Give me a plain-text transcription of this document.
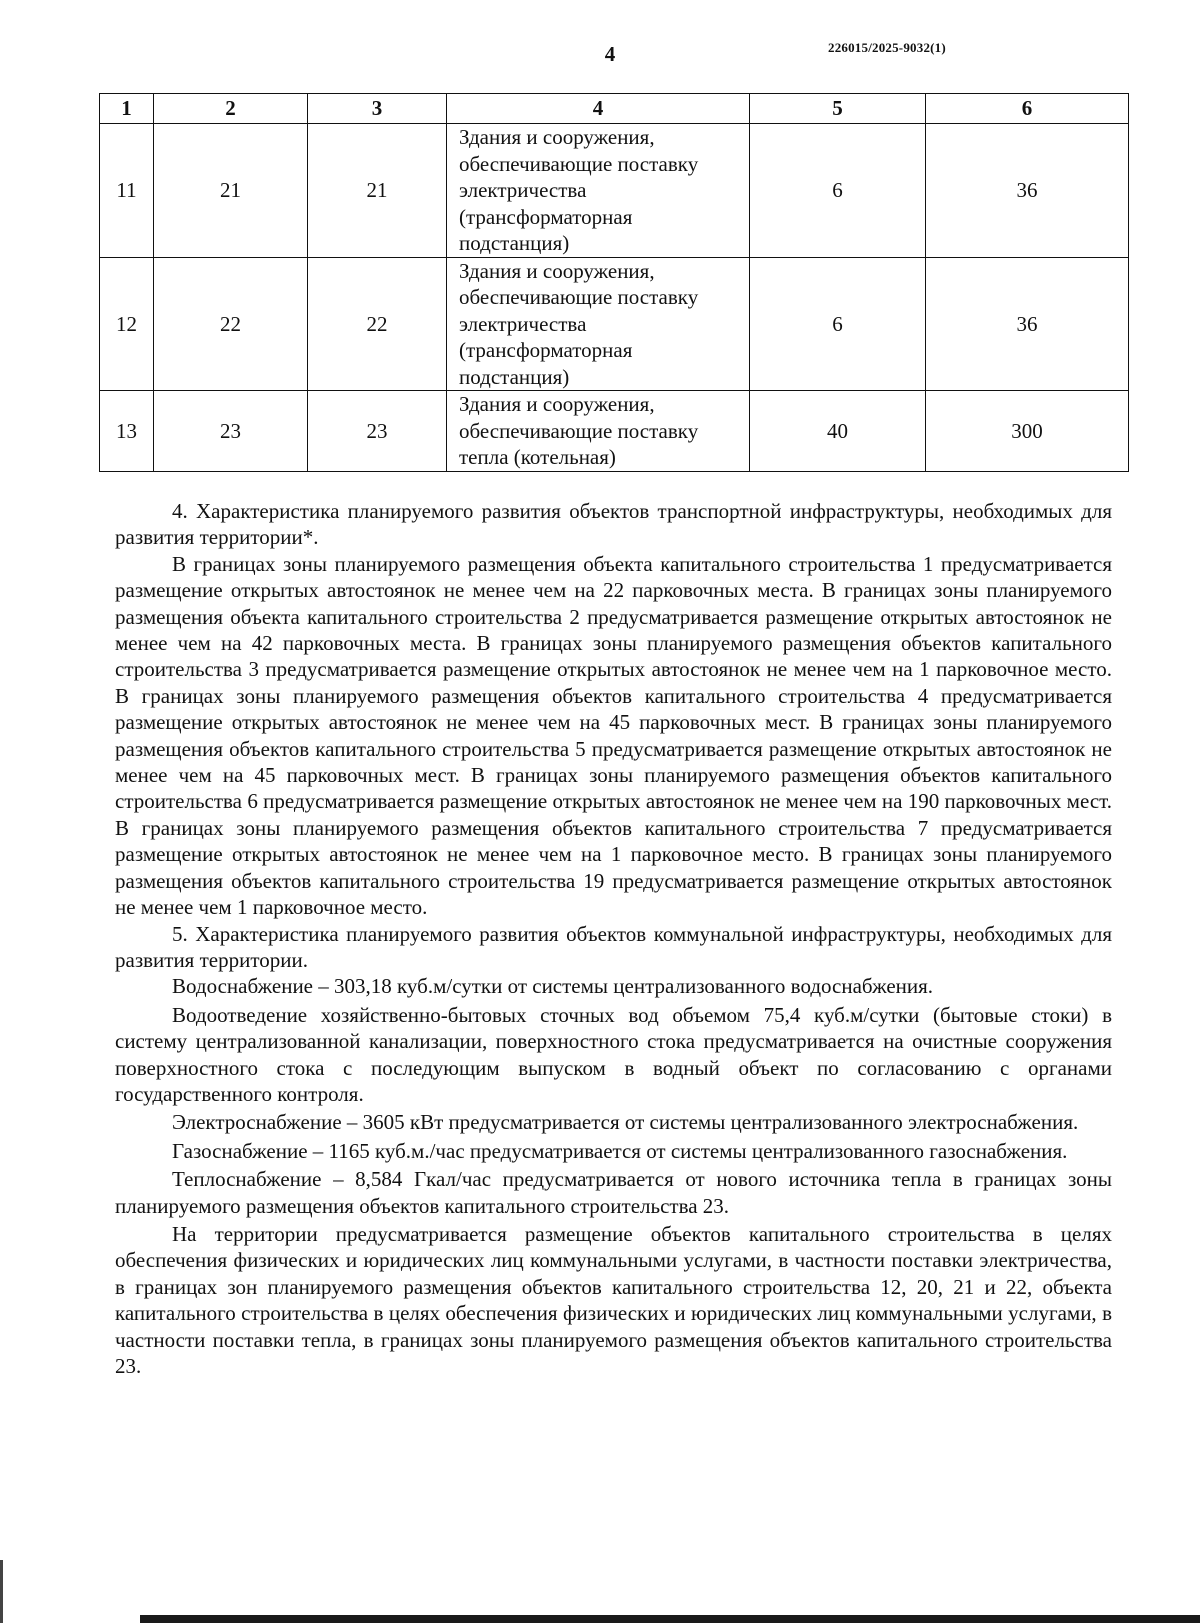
4	226015/2025-9032(1)
1	2	3	4	5	6
11	21	21	Здания и сооружения, обеспечивающие поставку электричества (трансформаторная подстанция)	6	36
12	22	22	Здания и сооружения, обеспечивающие поставку электричества (трансформаторная подстанция)	6	36
13	23	23	Здания и сооружения, обеспечивающие поставку тепла (котельная)	40	300

4. Характеристика планируемого развития объектов транспортной инфраструктуры, необходимых для развития территории*.

В границах зоны планируемого размещения объекта капитального строительства 1 предусматривается размещение открытых автостоянок не менее чем на 22 парковочных места. В границах зоны планируемого размещения объекта капитального строительства 2 предусматривается размещение открытых автостоянок не менее чем на 42 парковочных места. В границах зоны планируемого размещения объектов капитального строительства 3 предусматривается размещение открытых автостоянок не менее чем на 1 парковочное место. В границах зоны планируемого размещения объектов капитального строительства 4 предусматривается размещение открытых автостоянок не менее чем на 45 парковочных мест. В границах зоны планируемого размещения объектов капитального строительства 5 предусматривается размещение открытых автостоянок не менее чем на 45 парковочных мест. В границах зоны планируемого размещения объектов капитального строительства 6 предусматривается размещение открытых автостоянок не менее чем на 190 парковочных мест. В границах зоны планируемого размещения объектов капитального строительства 7 предусматривается размещение открытых автостоянок не менее чем на 1 парковочное место. В границах зоны планируемого размещения объектов капитального строительства 19 предусматривается размещение открытых автостоянок не менее чем 1 парковочное место.

5. Характеристика планируемого развития объектов коммунальной инфраструктуры, необходимых для развития территории.

Водоснабжение – 303,18 куб.м/сутки от системы централизованного водоснабжения.

Водоотведение хозяйственно-бытовых сточных вод объемом 75,4 куб.м/сутки (бытовые стоки) в систему централизованной канализации, поверхностного стока предусматривается на очистные сооружения поверхностного стока с последующим выпуском в водный объект по согласованию с органами государственного контроля.

Электроснабжение – 3605 кВт предусматривается от системы централизованного электроснабжения.

Газоснабжение – 1165 куб.м./час предусматривается от системы централизованного газоснабжения.

Теплоснабжение – 8,584 Гкал/час предусматривается от нового источника тепла в границах зоны планируемого размещения объектов капитального строительства 23.

На территории предусматривается размещение объектов капитального строительства в целях обеспечения физических и юридических лиц коммунальными услугами, в частности поставки электричества, в границах зон планируемого размещения объектов капитального строительства 12, 20, 21 и 22, объекта капитального строительства в целях обеспечения физических и юридических лиц коммунальными услугами, в частности поставки тепла, в границах зоны планируемого размещения объектов капитального строительства 23.
